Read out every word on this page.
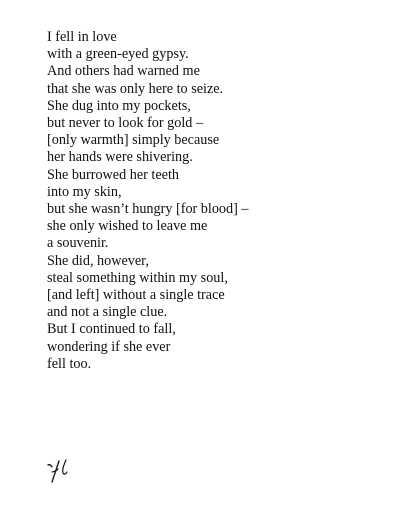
I fell in love
with a green-eyed gypsy.
And others had warned me
that she was only here to seize.
She dug into my pockets,
but never to look for gold –
[only warmth] simply because
her hands were shivering.
She burrowed her teeth
into my skin,
but she wasn’t hungry [for blood] –
she only wished to leave me
a souvenir.
She did, however,
steal something within my soul,
[and left] without a single trace
and not a single clue.
But I continued to fall,
wondering if she ever
fell too.
